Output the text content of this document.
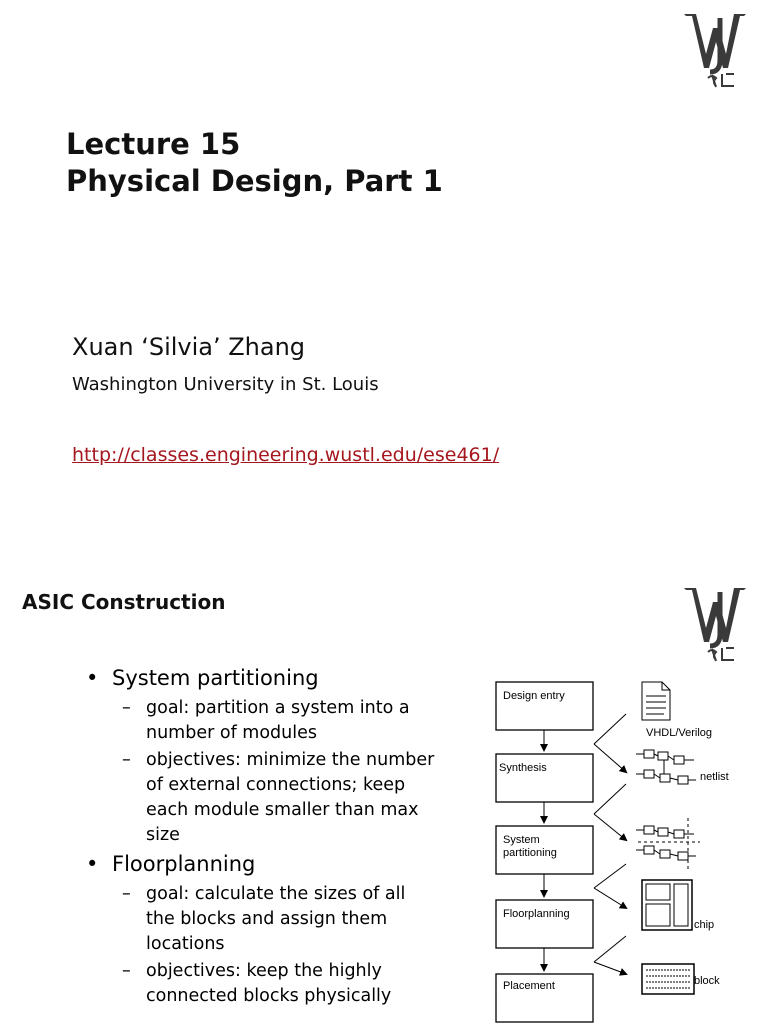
Lecture 15
Physical Design, Part 1
Xuan ‘Silvia’ Zhang
Washington University in St. Louis
http://classes.engineering.wustl.edu/ese461/
ASIC Construction
• System partitioning
– goal: partition a system into a number of modules
– objectives: minimize the number of external connections; keep each module smaller than max size
• Floorplanning
– goal: calculate the sizes of all the blocks and assign them locations
– objectives: keep the highly connected blocks physically
Design entry
Synthesis
System
partitioning
Floorplanning
Placement
VHDL/Verilog
netlist
chip
block
